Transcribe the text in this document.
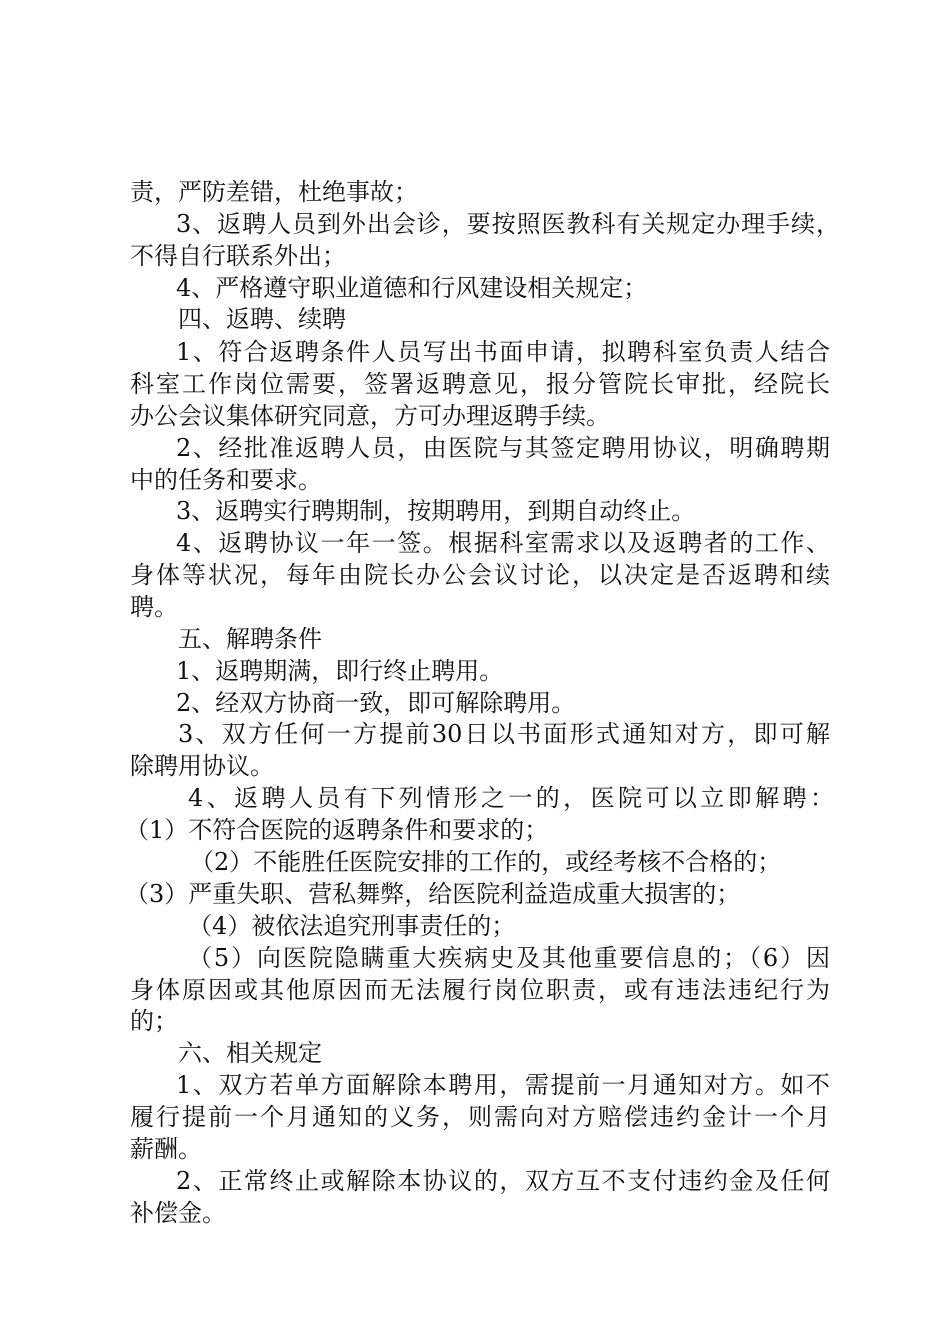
责，严防差错，杜绝事故；
3、返聘人员到外出会诊，要按照医教科有关规定办理手续，
不得自行联系外出；
4、严格遵守职业道德和行风建设相关规定；
四、返聘、续聘
1、符合返聘条件人员写出书面申请，拟聘科室负责人结合
科室工作岗位需要，签署返聘意见，报分管院长审批，经院长
办公会议集体研究同意，方可办理返聘手续。
2、经批准返聘人员，由医院与其签定聘用协议，明确聘期
中的任务和要求。
3、返聘实行聘期制，按期聘用，到期自动终止。
4、返聘协议一年一签。根据科室需求以及返聘者的工作、
身体等状况，每年由院长办公会议讨论，以决定是否返聘和续
聘。
五、解聘条件
1、返聘期满，即行终止聘用。
2、经双方协商一致，即可解除聘用。
3、双方任何一方提前30日以书面形式通知对方，即可解
除聘用协议。
4、返聘人员有下列情形之一的，医院可以立即解聘：
（1）不符合医院的返聘条件和要求的；
（2）不能胜任医院安排的工作的，或经考核不合格的；
（3）严重失职、营私舞弊，给医院利益造成重大损害的；
（4）被依法追究刑事责任的；
（5）向医院隐瞒重大疾病史及其他重要信息的；（6）因
身体原因或其他原因而无法履行岗位职责，或有违法违纪行为
的；
六、相关规定
1、双方若单方面解除本聘用，需提前一月通知对方。如不
履行提前一个月通知的义务，则需向对方赔偿违约金计一个月
薪酬。
2、正常终止或解除本协议的，双方互不支付违约金及任何
补偿金。
